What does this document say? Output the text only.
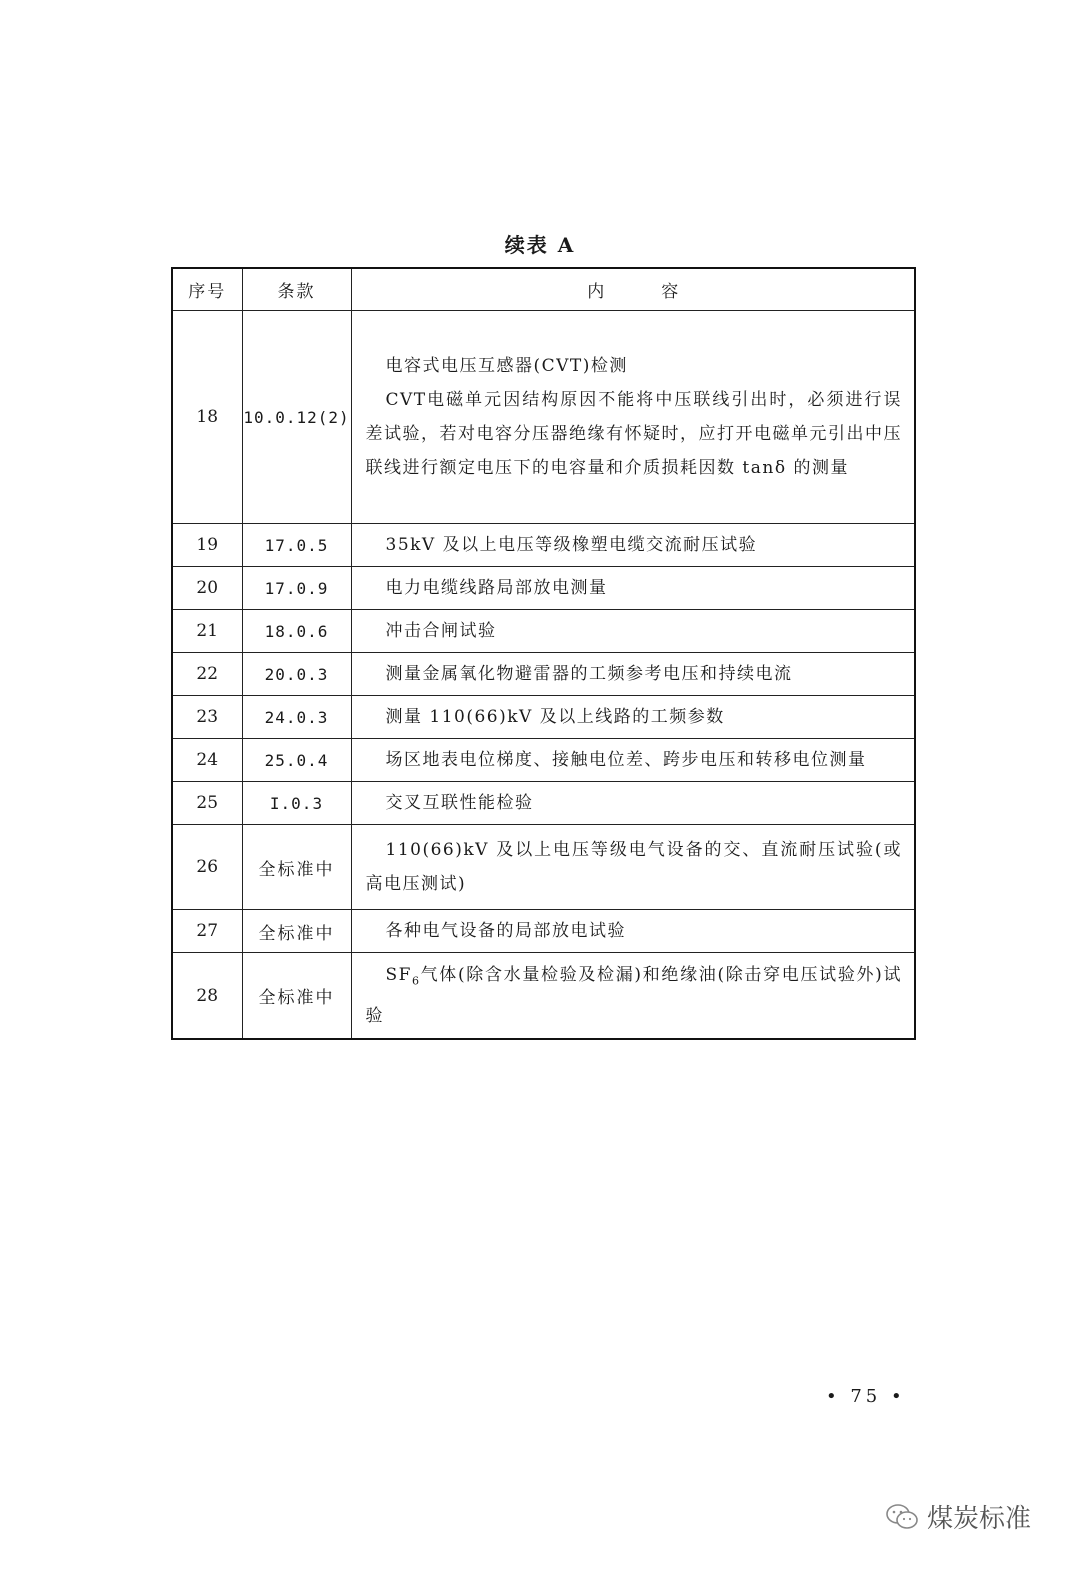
续表 A
序号	条款	内 容
18	10.0.12(2)	电容式电压互感器(CVT)检测
CVT电磁单元因结构原因不能将中压联线引出时，必须进行误差试验，若对电容分压器绝缘有怀疑时，应打开电磁单元引出中压联线进行额定电压下的电容量和介质损耗因数 tanδ 的测量

19	17.0.5	35kV 及以上电压等级橡塑电缆交流耐压试验

20	17.0.9	电力电缆线路局部放电测量

21	18.0.6	冲击合闸试验

22	20.0.3	测量金属氧化物避雷器的工频参考电压和持续电流

23	24.0.3	测量 110(66)kV 及以上线路的工频参数

24	25.0.4	场区地表电位梯度、接触电位差、跨步电压和转移电位测量

25	I.0.3	交叉互联性能检验

26	全标准中	110(66)kV 及以上电压等级电气设备的交、直流耐压试验(或高电压测试)

27	全标准中	各种电气设备的局部放电试验

28	全标准中	$SF_6$气体(除含水量检验及检漏)和绝缘油(除击穿电压试验外)试验
• 75 •
煤炭标准
